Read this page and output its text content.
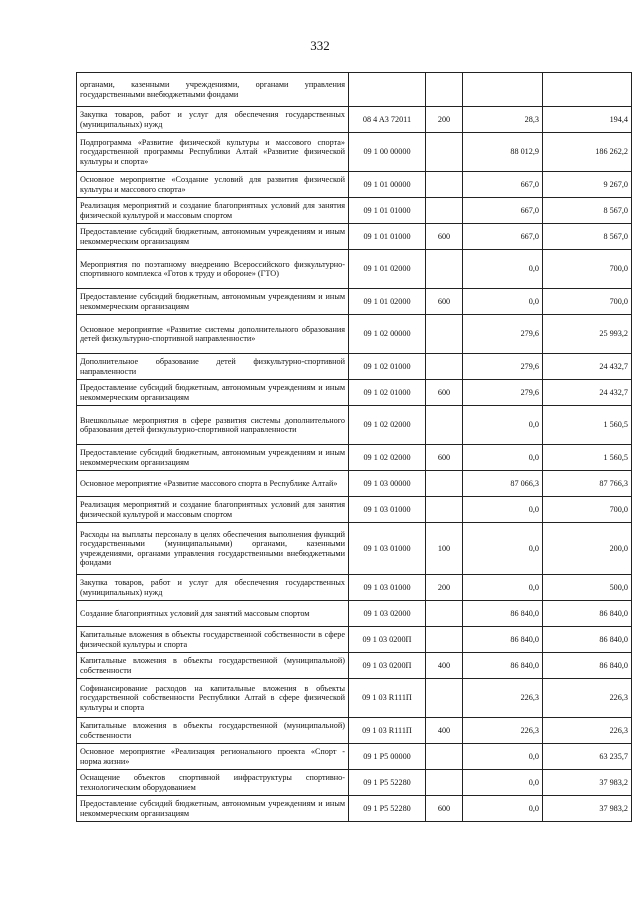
332
органами, казенными учреждениями, органами управления государственными внебюджетными фондами				
Закупка товаров, работ и услуг для обеспечения государственных (муниципальных) нужд	08 4 A3 72011	200	28,3	194,4
Подпрограмма «Развитие физической культуры и массового спорта» государственной программы Республики Алтай «Развитие физической культуры и спорта»	09 1 00 00000		88 012,9	186 262,2
Основное мероприятие «Создание условий для развития физической культуры и массового спорта»	09 1 01 00000		667,0	9 267,0
Реализация мероприятий и создание благоприятных условий для занятия физической культурой и массовым спортом	09 1 01 01000		667,0	8 567,0
Предоставление субсидий бюджетным, автономным учреждениям и иным некоммерческим организациям	09 1 01 01000	600	667,0	8 567,0
Мероприятия по поэтапному внедрению Всероссийского физкультурно-спортивного комплекса «Готов к труду и обороне» (ГТО)	09 1 01 02000		0,0	700,0
Предоставление субсидий бюджетным, автономным учреждениям и иным некоммерческим организациям	09 1 01 02000	600	0,0	700,0
Основное мероприятие «Развитие системы дополнительного образования детей физкультурно-спортивной направленности»	09 1 02 00000		279,6	25 993,2
Дополнительное образование детей физкультурно-спортивной направленности	09 1 02 01000		279,6	24 432,7
Предоставление субсидий бюджетным, автономным учреждениям и иным некоммерческим организациям	09 1 02 01000	600	279,6	24 432,7
Внешкольные мероприятия в сфере развития системы дополнительного образования детей физкультурно-спортивной направленности	09 1 02 02000		0,0	1 560,5
Предоставление субсидий бюджетным, автономным учреждениям и иным некоммерческим организациям	09 1 02 02000	600	0,0	1 560,5
Основное мероприятие «Развитие массового спорта в Республике Алтай»	09 1 03 00000		87 066,3	87 766,3
Реализация мероприятий и создание благоприятных условий для занятия физической культурой и массовым спортом	09 1 03 01000		0,0	700,0
Расходы на выплаты персоналу в целях обеспечения выполнения функций государственными (муниципальными) органами, казенными учреждениями, органами управления государственными внебюджетными фондами	09 1 03 01000	100	0,0	200,0
Закупка товаров, работ и услуг для обеспечения государственных (муниципальных) нужд	09 1 03 01000	200	0,0	500,0
Создание благоприятных условий для занятий массовым спортом	09 1 03 02000		86 840,0	86 840,0
Капитальные вложения в объекты государственной собственности в сфере физической культуры и спорта	09 1 03 0200П		86 840,0	86 840,0
Капитальные вложения в объекты государственной (муниципальной) собственности	09 1 03 0200П	400	86 840,0	86 840,0
Софинансирование расходов на капитальные вложения в объекты государственной собственности Республики Алтай в сфере физической культуры и спорта	09 1 03 R111П		226,3	226,3
Капитальные вложения в объекты государственной (муниципальной) собственности	09 1 03 R111П	400	226,3	226,3
Основное мероприятие «Реализация регионального проекта «Спорт - норма жизни»	09 1 P5 00000		0,0	63 235,7
Оснащение объектов спортивной инфраструктуры спортивно-технологическим оборудованием	09 1 P5 52280		0,0	37 983,2
Предоставление субсидий бюджетным, автономным учреждениям и иным некоммерческим организациям	09 1 P5 52280	600	0,0	37 983,2
